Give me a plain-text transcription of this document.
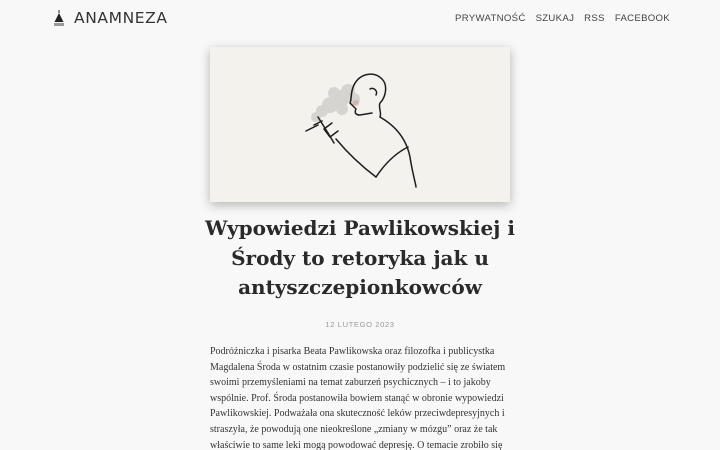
ANAMNEZA	PRYWATNOŚĆ SZUKAJ RSS FACEBOOK
Wypowiedzi Pawlikowskiej i Środy to retoryka jak u antyszczepionkowców
12 LUTEGO 2023

Podróżniczka i pisarka Beata Pawlikowska oraz filozofka i publicystka Magdalena Środa w ostatnim czasie postanowiły podzielić się ze światem swoimi przemyśleniami na temat zaburzeń psychicznych – i to jakoby wspólnie. Prof. Środa postanowiła bowiem stanąć w obronie wypowiedzi Pawlikowskiej. Podważała ona skuteczność leków przeciwdepresyjnych i straszyła, że powodują one nieokreślone „zmiany w mózgu” oraz że tak właściwie to same leki mogą powodować depresję. O temacie zrobiło się
